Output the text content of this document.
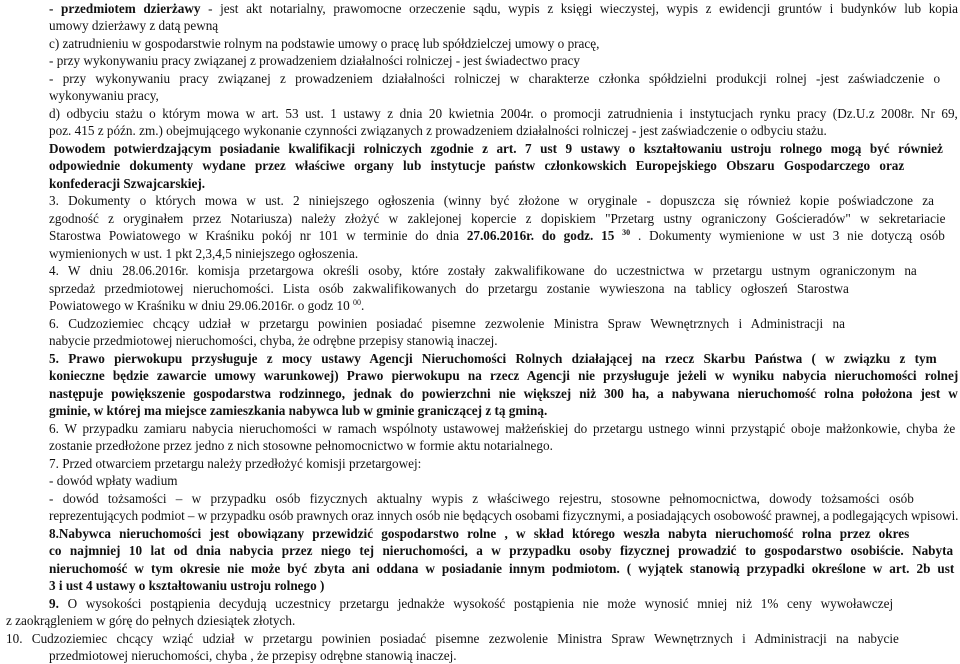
- przedmiotem dzierżawy - jest akt notarialny, prawomocne orzeczenie sądu, wypis z księgi wieczystej, wypis z ewidencji gruntów i budynków lub kopia
umowy dzierżawy z datą pewną
c) zatrudnieniu w gospodarstwie rolnym na podstawie umowy o pracę lub spółdzielczej umowy o pracę,
- przy wykonywaniu pracy związanej z prowadzeniem działalności rolniczej - jest świadectwo pracy
- przy wykonywaniu pracy związanej z prowadzeniem działalności rolniczej w charakterze członka spółdzielni produkcji rolnej -jest zaświadczenie o
wykonywaniu pracy,
d) odbyciu stażu o którym mowa w art. 53 ust. 1 ustawy z dnia 20 kwietnia 2004r. o promocji zatrudnienia i instytucjach rynku pracy (Dz.U.z 2008r. Nr 69,
poz. 415 z późn. zm.) obejmującego wykonanie czynności związanych z prowadzeniem działalności rolniczej - jest zaświadczenie o odbyciu stażu.
Dowodem potwierdzającym posiadanie kwalifikacji rolniczych zgodnie z art. 7 ust 9 ustawy o kształtowaniu ustroju rolnego mogą być również
odpowiednie dokumenty wydane przez właściwe organy lub instytucje państw członkowskich Europejskiego Obszaru Gospodarczego oraz
konfederacji Szwajcarskiej.
3. Dokumenty o których mowa w ust. 2 niniejszego ogłoszenia (winny być złożone w oryginale - dopuszcza się również kopie poświadczone za
zgodność z oryginałem przez Notariusza) należy złożyć w zaklejonej kopercie z dopiskiem "Przetarg ustny ograniczony Gościeradów" w sekretariacie
Starostwa Powiatowego w Kraśniku pokój nr 101 w terminie do dnia 27.06.2016r. do godz. 15 $^{30}$ . Dokumenty wymienione w ust 3 nie dotyczą osób
wymienionych w ust. 1 pkt 2,3,4,5 niniejszego ogłoszenia.
4. W dniu 28.06.2016r. komisja przetargowa określi osoby, które zostały zakwalifikowane do uczestnictwa w przetargu ustnym ograniczonym na
sprzedaż przedmiotowej nieruchomości. Lista osób zakwalifikowanych do przetargu zostanie wywieszona na tablicy ogłoszeń Starostwa
Powiatowego w Kraśniku w dniu 29.06.2016r. o godz 10 $^{00}$.
6. Cudzoziemiec chcący udział w przetargu powinien posiadać pisemne zezwolenie Ministra Spraw Wewnętrznych i Administracji na
nabycie przedmiotowej nieruchomości, chyba, że odrębne przepisy stanowią inaczej.
5. Prawo pierwokupu przysługuje z mocy ustawy Agencji Nieruchomości Rolnych działającej na rzecz Skarbu Państwa ( w związku z tym
konieczne będzie zawarcie umowy warunkowej) Prawo pierwokupu na rzecz Agencji nie przysługuje jeżeli w wyniku nabycia nieruchomości rolnej
następuje powiększenie gospodarstwa rodzinnego, jednak do powierzchni nie większej niż 300 ha, a nabywana nieruchomość rolna położona jest w
gminie, w której ma miejsce zamieszkania nabywca lub w gminie graniczącej z tą gminą.
6. W przypadku zamiaru nabycia nieruchomości w ramach wspólnoty ustawowej małżeńskiej do przetargu ustnego winni przystąpić oboje małżonkowie, chyba że
zostanie przedłożone przez jedno z nich stosowne pełnomocnictwo w formie aktu notarialnego.
7. Przed otwarciem przetargu należy przedłożyć komisji przetargowej:
- dowód wpłaty wadium
- dowód tożsamości – w przypadku osób fizycznych aktualny wypis z właściwego rejestru, stosowne pełnomocnictwa, dowody tożsamości osób
reprezentujących podmiot – w przypadku osób prawnych oraz innych osób nie będących osobami fizycznymi, a posiadających osobowość prawnej, a podlegających wpisowi.
8.Nabywca nieruchomości jest obowiązany przewidzić gospodarstwo rolne , w skład którego weszła nabyta nieruchomość rolna przez okres
co najmniej 10 lat od dnia nabycia przez niego tej nieruchomości, a w przypadku osoby fizycznej prowadzić to gospodarstwo osobiście. Nabyta
nieruchomość w tym okresie nie może być zbyta ani oddana w posiadanie innym podmiotom. ( wyjątek stanowią przypadki określone w art. 2b ust
3 i ust 4 ustawy o kształtowaniu ustroju rolnego )
9. O wysokości postąpienia decydują uczestnicy przetargu jednakże wysokość postąpienia nie może wynosić mniej niż 1% ceny wywoławczej
z zaokrągleniem w górę do pełnych dziesiątek złotych.
10. Cudzoziemiec chcący wziąć udział w przetargu powinien posiadać pisemne zezwolenie Ministra Spraw Wewnętrznych i Administracji na nabycie
przedmiotowej nieruchomości, chyba , że przepisy odrębne stanowią inaczej.
